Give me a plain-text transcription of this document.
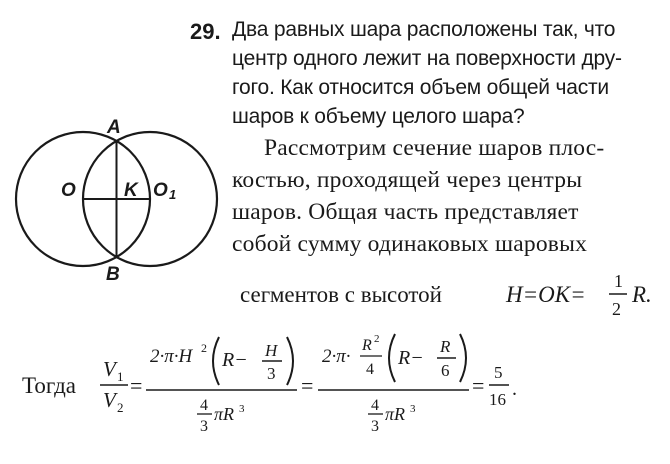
A
B
O	K O 1
29. Два равных шара расположены так, что
центр одного лежит на поверхности дру-
гого. Как относится объем общей части
шаров к объему целого шара?
Рассмотрим сечение шаров плос-
костью, проходящей через центры
шаров. Общая часть представляет
собой сумму одинаковых шаровых
сегментов с высотой	H=OK=
1
2
R.
Тогда
V 1
V 2
=
2·π·H 2
R− H
3
4
3
πR 3
=
2·π·
R 2
4
R−
R
6
4
3
πR 3
=
5
16 .
